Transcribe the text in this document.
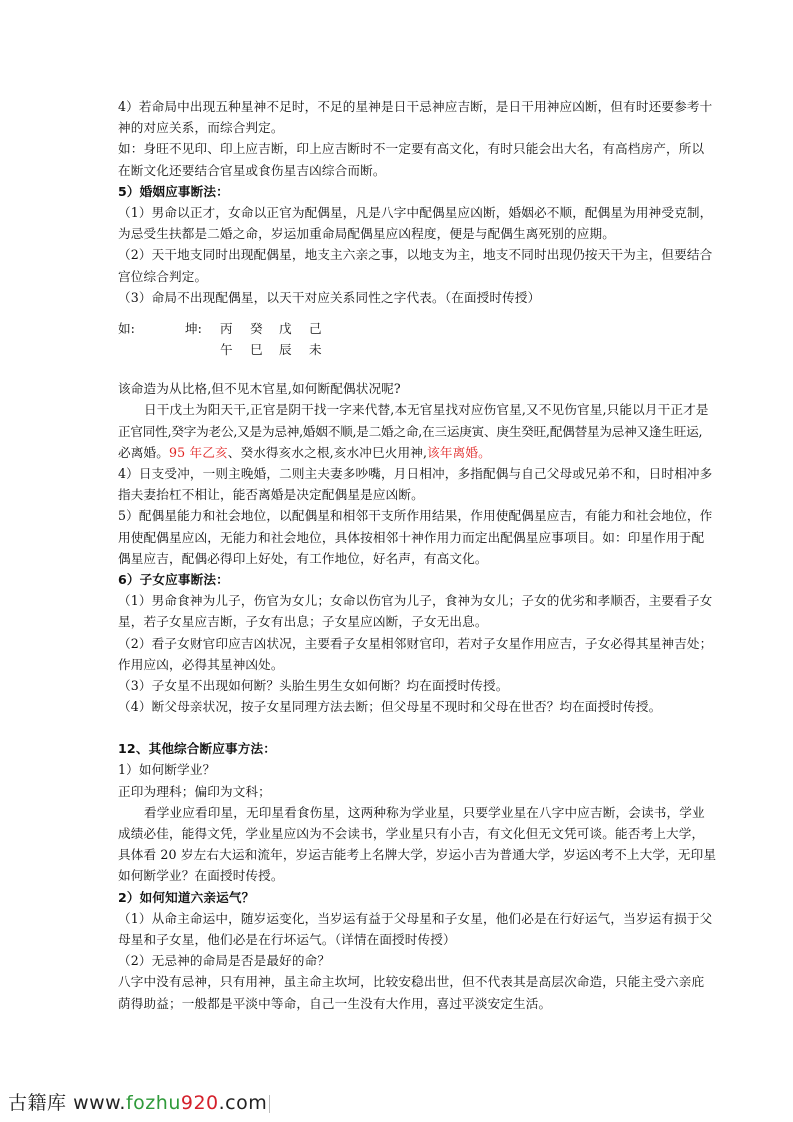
4）若命局中出现五种星神不足时，不足的星神是日干忌神应吉断，是日干用神应凶断，但有时还要参考十
神的对应关系，而综合判定。
如：身旺不见印、印上应吉断，印上应吉断时不一定要有高文化，有时只能会出大名，有高档房产，所以
在断文化还要结合官星或食伤星吉凶综合而断。
5）婚姻应事断法：
（1）男命以正才，女命以正官为配偶星，凡是八字中配偶星应凶断，婚姻必不顺，配偶星为用神受克制，
为忌受生扶都是二婚之命，岁运加重命局配偶星应凶程度，便是与配偶生离死别的应期。
（2）天干地支同时出现配偶星，地支主六亲之事，以地支为主，地支不同时出现仍按天干为主，但要结合
宫位综合判定。
（3）命局不出现配偶星，以天干对应关系同性之字代表。（在面授时传授）
如:	坤: 丙 癸 戊 己
午 巳 辰 未
该命造为从比格,但不见木官星,如何断配偶状况呢?
日干戊土为阳天干,正官是阴干找一字来代替,本无官星找对应伤官星,又不见伤官星,只能以月干正才是
正官同性,癸字为老公,又是为忌神,婚姻不顺,是二婚之命,在三运庚寅、庚生癸旺,配偶替星为忌神又逢生旺运,
必离婚。95 年乙亥、癸水得亥水之根,亥水冲巳火用神,该年离婚。
4）日支受冲，一则主晚婚，二则主夫妻多吵嘴，月日相冲，多指配偶与自己父母或兄弟不和，日时相冲多
指夫妻抬杠不相让，能否离婚是决定配偶星是应凶断。
5）配偶星能力和社会地位，以配偶星和相邻干支所作用结果，作用使配偶星应吉，有能力和社会地位，作
用使配偶星应凶，无能力和社会地位，具体按相邻十神作用力而定出配偶星应事项目。如：印星作用于配
偶星应吉，配偶必得印上好处，有工作地位，好名声，有高文化。
6）子女应事断法：
（1）男命食神为儿子，伤官为女儿；女命以伤官为儿子，食神为女儿；子女的优劣和孝顺否，主要看子女
星，若子女星应吉断，子女有出息；子女星应凶断，子女无出息。
（2）看子女财官印应吉凶状况，主要看子女星相邻财官印，若对子女星作用应吉，子女必得其星神吉处；
作用应凶，必得其星神凶处。
（3）子女星不出现如何断？头胎生男生女如何断？均在面授时传授。
（4）断父母亲状况，按子女星同理方法去断；但父母星不现时和父母在世否？均在面授时传授。
12、其他综合断应事方法：
1）如何断学业？
正印为理科；偏印为文科；
看学业应看印星，无印星看食伤星，这两种称为学业星，只要学业星在八字中应吉断，会读书，学业
成绩必佳，能得文凭，学业星应凶为不会读书，学业星只有小吉，有文化但无文凭可谈。能否考上大学，
具体看 20 岁左右大运和流年，岁运吉能考上名牌大学，岁运小吉为普通大学，岁运凶考不上大学，无印星
如何断学业？在面授时传授。
2）如何知道六亲运气？
（1）从命主命运中，随岁运变化，当岁运有益于父母星和子女星，他们必是在行好运气，当岁运有损于父
母星和子女星，他们必是在行坏运气。（详情在面授时传授）
（2）无忌神的命局是否是最好的命？
八字中没有忌神，只有用神，虽主命主坎坷，比较安稳出世，但不代表其是高层次命造，只能主受六亲庇
荫得助益；一般都是平淡中等命，自己一生没有大作用，喜过平淡安定生活。
古籍库 www.fozhu920.com
